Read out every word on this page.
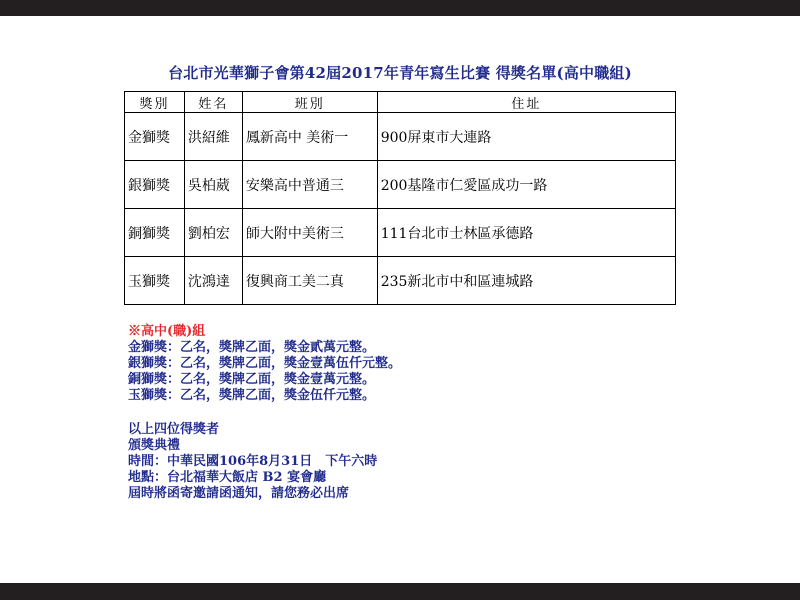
台北市光華獅子會第42屆2017年青年寫生比賽 得獎名單(高中職組)
獎別	姓名	班別	住址
金獅獎	洪紹維	鳳新高中 美術一	900屏東市大連路
銀獅獎	吳柏葳	安樂高中普通三	200基隆市仁愛區成功一路
銅獅獎	劉柏宏	師大附中美術三	111台北市士林區承德路
玉獅獎	沈鴻達	復興商工美二真	235新北市中和區連城路

※高中(職)組

金獅獎：乙名，獎牌乙面，獎金貳萬元整。

銀獅獎：乙名，獎牌乙面，獎金壹萬伍仟元整。

銅獅獎：乙名，獎牌乙面，獎金壹萬元整。

玉獅獎：乙名，獎牌乙面，獎金伍仟元整。

以上四位得獎者

頒獎典禮

時間：中華民國106年8月31日　下午六時

地點：台北福華大飯店 B2 宴會廳

屆時將函寄邀請函通知，請您務必出席
